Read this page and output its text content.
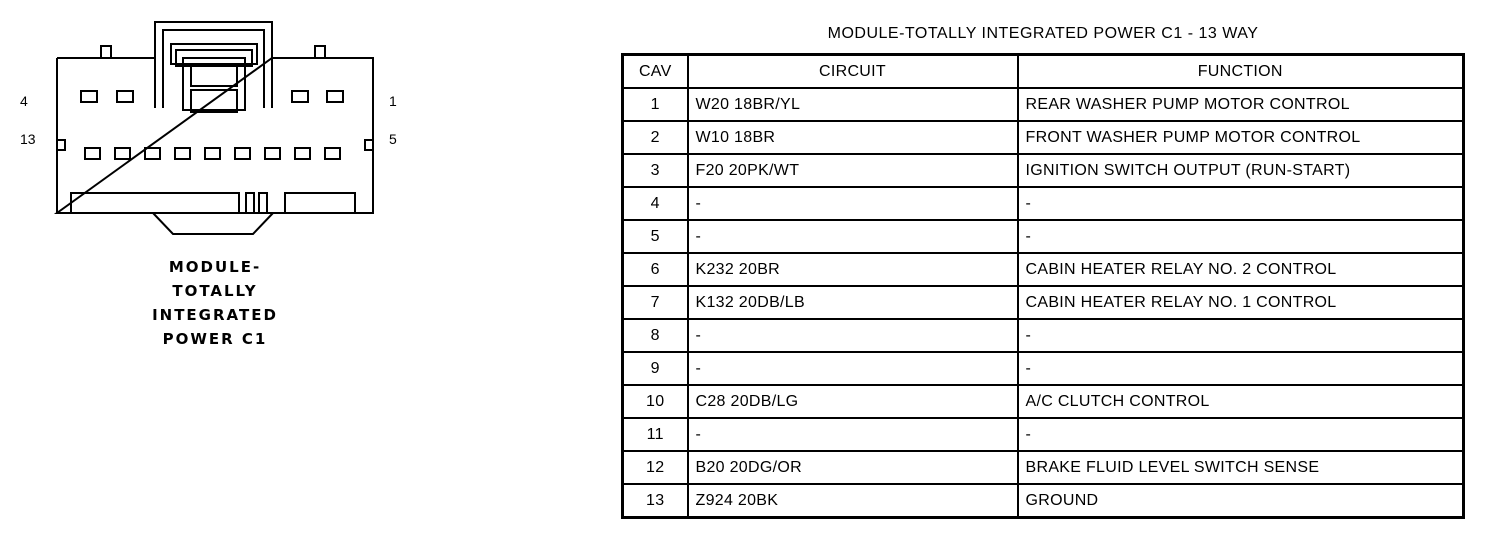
4	1
13	5
MODULE-
TOTALLY
INTEGRATED
POWER C1
MODULE-TOTALLY INTEGRATED POWER C1 - 13 WAY
CAV	CIRCUIT	FUNCTION
1	W20 18BR/YL	REAR WASHER PUMP MOTOR CONTROL
2	W10 18BR	FRONT WASHER PUMP MOTOR CONTROL
3	F20 20PK/WT	IGNITION SWITCH OUTPUT (RUN-START)
4	-	-
5	-	-
6	K232 20BR	CABIN HEATER RELAY NO. 2 CONTROL
7	K132 20DB/LB	CABIN HEATER RELAY NO. 1 CONTROL
8	-	-
9	-	-
10	C28 20DB/LG	A/C CLUTCH CONTROL
11	-	-
12	B20 20DG/OR	BRAKE FLUID LEVEL SWITCH SENSE
13	Z924 20BK	GROUND
